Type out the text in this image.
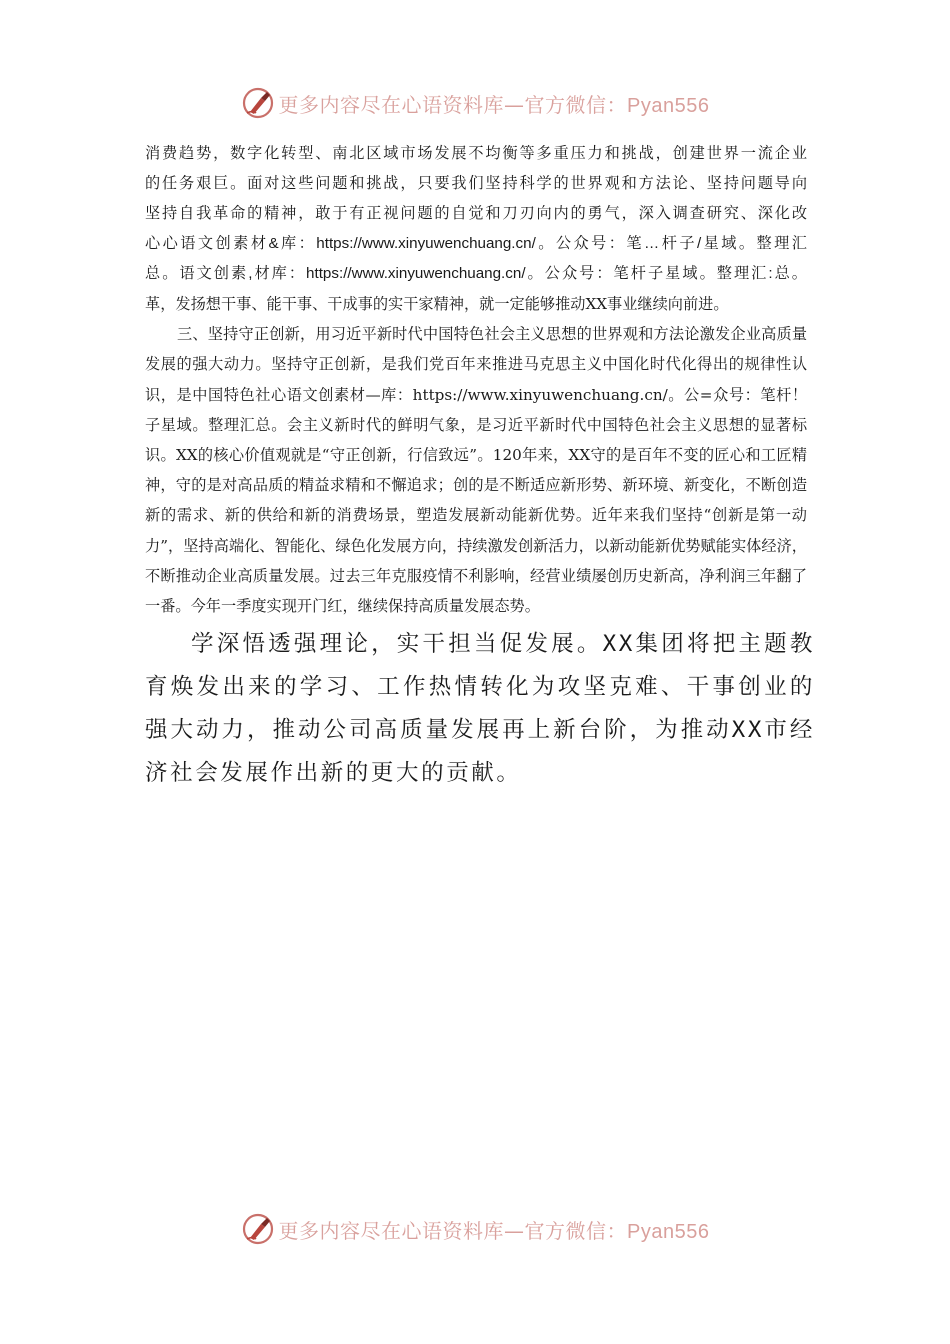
更多内容尽在心语资料库—官方微信：Pyan556

消费趋势，数字化转型、南北区域市场发展不均衡等多重压力和挑战，创建世界一流企业

的任务艰巨。面对这些问题和挑战，只要我们坚持科学的世界观和方法论、坚持问题导向

坚持自我革命的精神，敢于有正视问题的自觉和刀刃向内的勇气，深入调查研究、深化改

心心语文创素材&库：https://www.xinyuwenchuang.cn/。公众号：笔…杆子/星域。整理汇

总。语文创素,材库：https://www.xinyuwenchuang.cn/。公众号：笔杆子星域。整理汇:总。

革，发扬想干事、能干事、干成事的实干家精神，就一定能够推动XX事业继续向前进。

三、坚持守正创新，用习近平新时代中国特色社会主义思想的世界观和方法论激发企业高质量发展的强大动力。坚持守正创新，是我们党百年来推进马克思主义中国化时代化得出的规律性认识，是中国特色社心语文创素材—库：https://www.xinyuwenchuang.cn/。公=众号：笔杆！子星域。整理汇总。会主义新时代的鲜明气象，是习近平新时代中国特色社会主义思想的显著标识。XX的核心价值观就是“守正创新，行信致远”。120年来，XX守的是百年不变的匠心和工匠精神，守的是对高品质的精益求精和不懈追求；创的是不断适应新形势、新环境、新变化，不断创造新的需求、新的供给和新的消费场景，塑造发展新动能新优势。近年来我们坚持“创新是第一动力”，坚持高端化、智能化、绿色化发展方向，持续激发创新活力，以新动能新优势赋能实体经济，不断推动企业高质量发展。过去三年克服疫情不利影响，经营业绩屡创历史新高，净利润三年翻了一番。今年一季度实现开门红，继续保持高质量发展态势。

学深悟透强理论，实干担当促发展。XX集团将把主题教育焕发出来的学习、工作热情转化为攻坚克难、干事创业的强大动力，推动公司高质量发展再上新台阶，为推动XX市经济社会发展作出新的更大的贡献。

更多内容尽在心语资料库—官方微信：Pyan556
